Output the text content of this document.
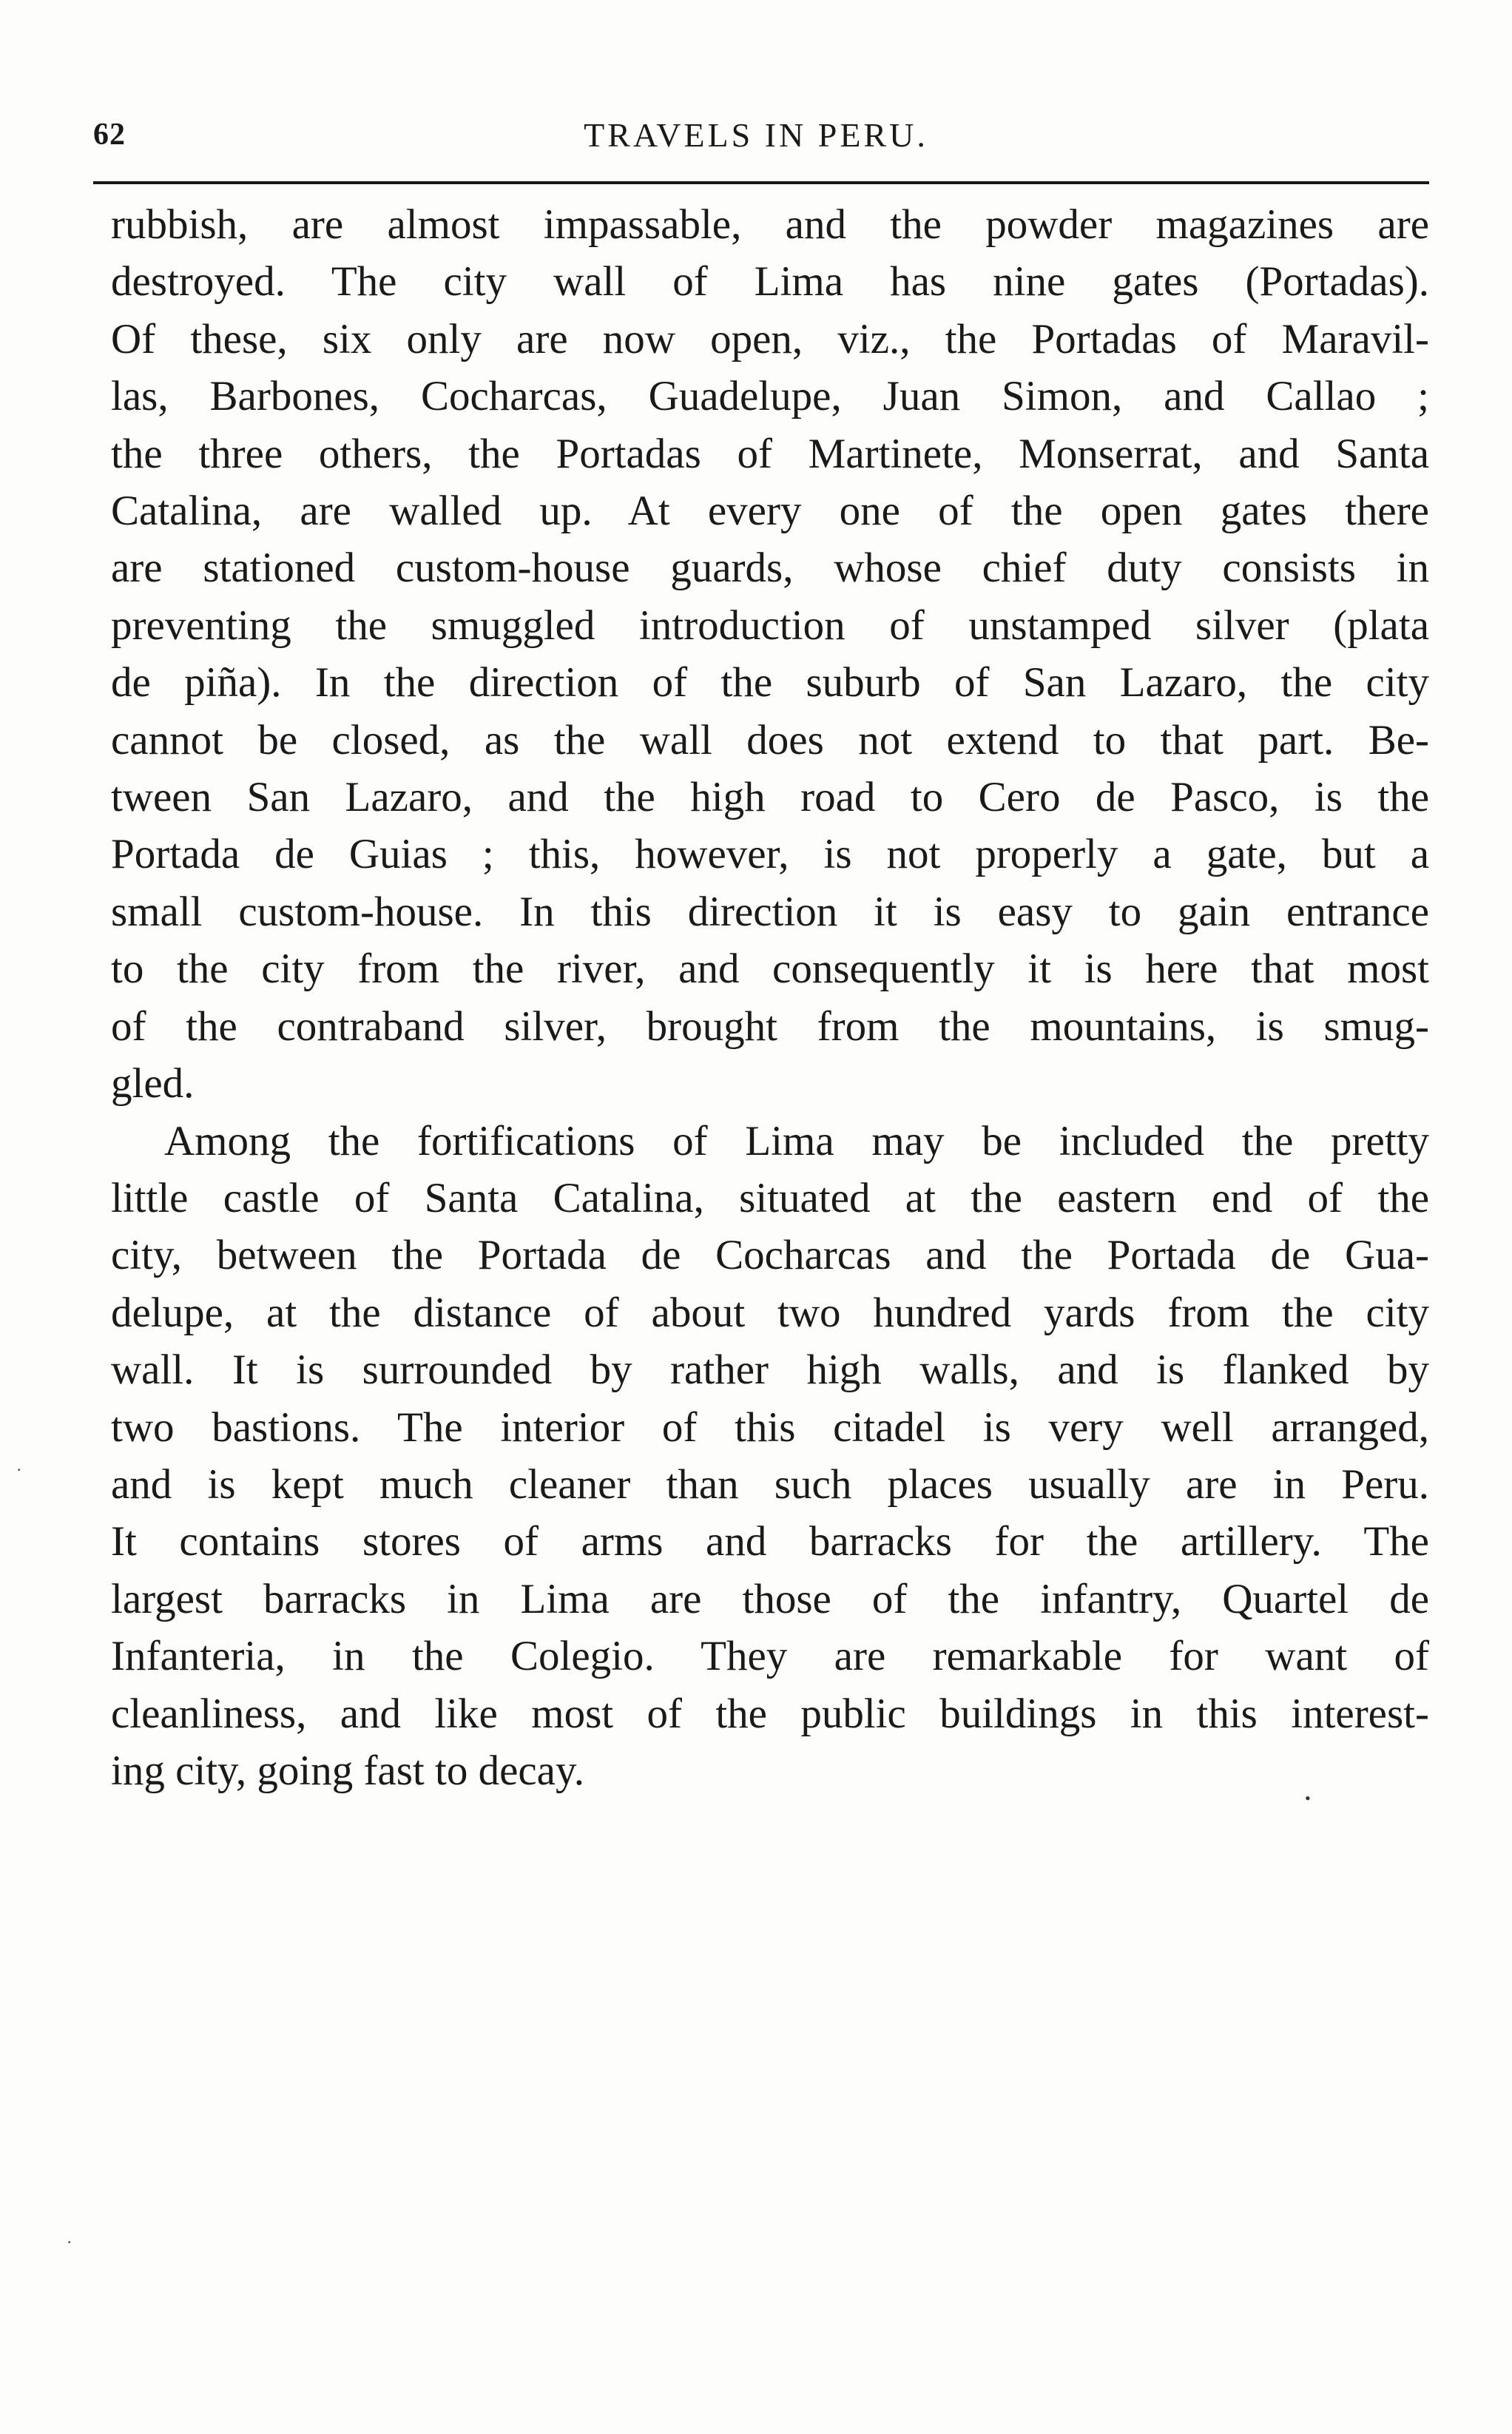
62	TRAVELS IN PERU.

rubbish, are almost impassable, and the powder magazines are
destroyed. The city wall of Lima has nine gates (Portadas).
Of these, six only are now open, viz., the Portadas of Maravil-
las, Barbones, Cocharcas, Guadelupe, Juan Simon, and Callao ;
the three others, the Portadas of Martinete, Monserrat, and Santa
Catalina, are walled up. At every one of the open gates there
are stationed custom-house guards, whose chief duty consists in
preventing the smuggled introduction of unstamped silver (plata
de piña). In the direction of the suburb of San Lazaro, the city
cannot be closed, as the wall does not extend to that part. Be-
tween San Lazaro, and the high road to Cero de Pasco, is the
Portada de Guias ; this, however, is not properly a gate, but a
small custom-house. In this direction it is easy to gain entrance
to the city from the river, and consequently it is here that most
of the contraband silver, brought from the mountains, is smug-
gled.

Among the fortifications of Lima may be included the pretty
little castle of Santa Catalina, situated at the eastern end of the
city, between the Portada de Cocharcas and the Portada de Gua-
delupe, at the distance of about two hundred yards from the city
wall. It is surrounded by rather high walls, and is flanked by
two bastions. The interior of this citadel is very well arranged,
and is kept much cleaner than such places usually are in Peru.
It contains stores of arms and barracks for the artillery. The
largest barracks in Lima are those of the infantry, Quartel de
Infanteria, in the Colegio. They are remarkable for want of
cleanliness, and like most of the public buildings in this interest-
ing city, going fast to decay.

•
·
·
